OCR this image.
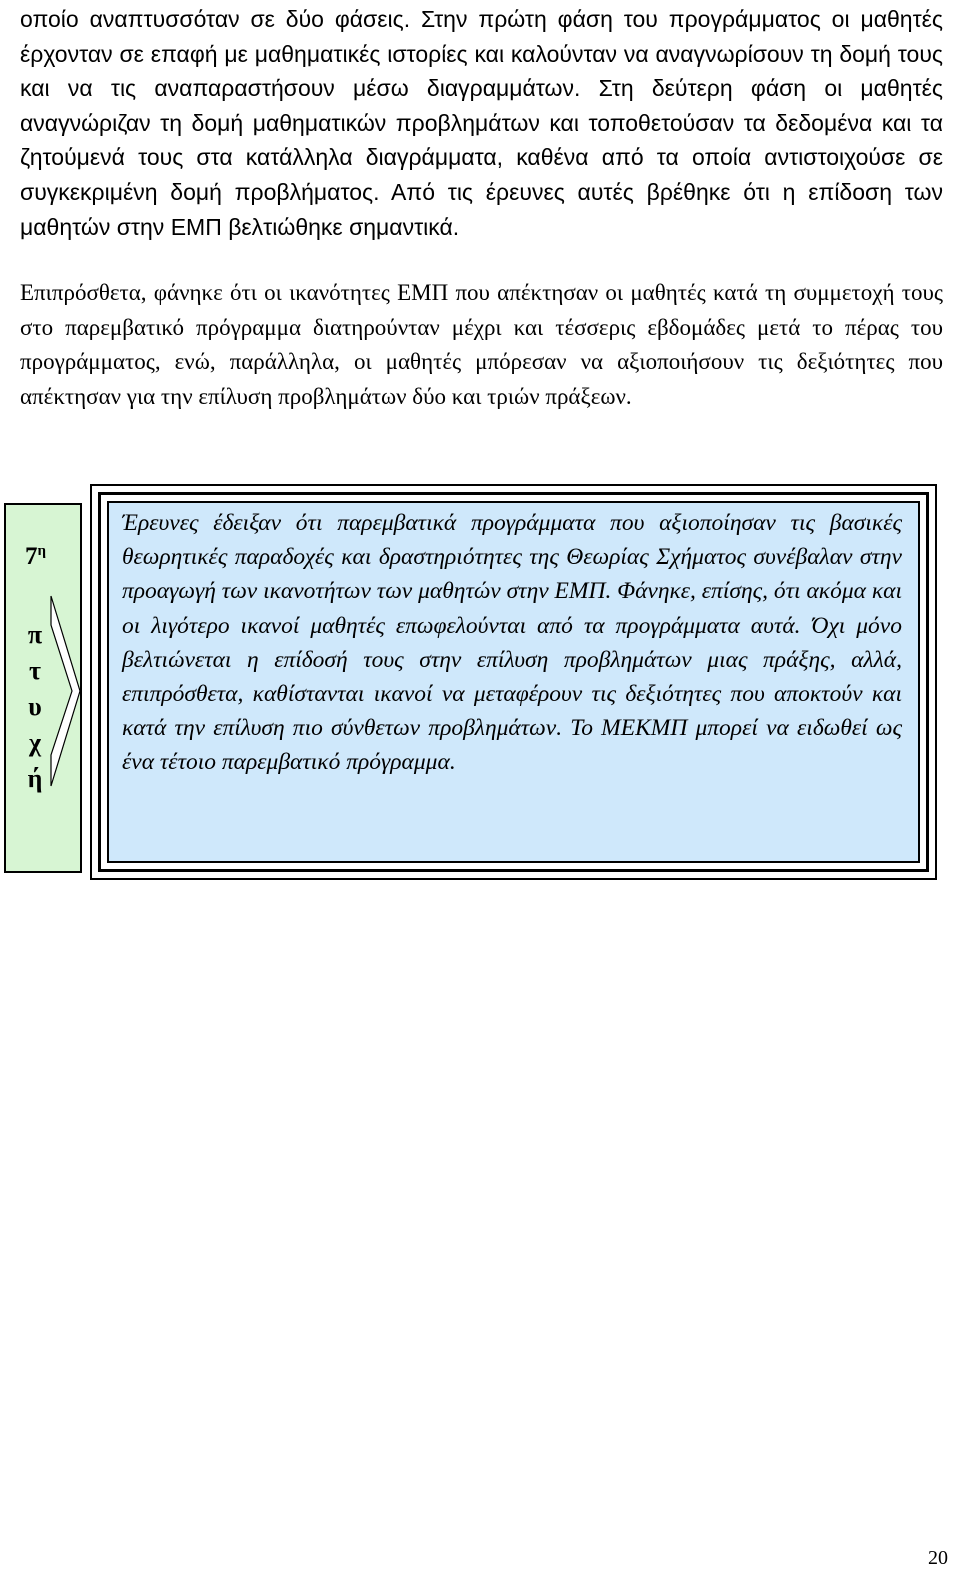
οποίο αναπτυσσόταν σε δύο φάσεις. Στην πρώτη φάση του προγράμματος οι μαθητές έρχονταν σε επαφή με μαθηματικές ιστορίες και καλούνταν να αναγνωρίσουν τη δομή τους και να τις αναπαραστήσουν μέσω διαγραμμάτων. Στη δεύτερη φάση οι μαθητές αναγνώριζαν τη δομή μαθηματικών προβλημάτων και τοποθετούσαν τα δεδομένα και τα ζητούμενά τους στα κατάλληλα διαγράμματα, καθένα από τα οποία αντιστοιχούσε σε συγκεκριμένη δομή προβλήματος. Από τις έρευνες αυτές βρέθηκε ότι η επίδοση των μαθητών στην ΕΜΠ βελτιώθηκε σημαντικά.

Επιπρόσθετα, φάνηκε ότι οι ικανότητες ΕΜΠ που απέκτησαν οι μαθητές κατά τη συμμετοχή τους στο παρεμβατικό πρόγραμμα διατηρούνταν μέχρι και τέσσερις εβδομάδες μετά το πέρας του προγράμματος, ενώ, παράλληλα, οι μαθητές μπόρεσαν να αξιοποιήσουν τις δεξιότητες που απέκτησαν για την επίλυση προβλημάτων δύο και τριών πράξεων.

$7^\eta$
π
τ
υ
χ
ή

Έρευνες έδειξαν ότι παρεμβατικά προγράμματα που αξιοποίησαν τις βασικές θεωρητικές παραδοχές και δραστηριότητες της Θεωρίας Σχήματος συνέβαλαν στην προαγωγή των ικανοτήτων των μαθητών στην ΕΜΠ. Φάνηκε, επίσης, ότι ακόμα και οι λιγότερο ικανοί μαθητές επωφελούνται από τα προγράμματα αυτά. Όχι μόνο βελτιώνεται η επίδοσή τους στην επίλυση προβλημάτων μιας πράξης, αλλά, επιπρόσθετα, καθίστανται ικανοί να μεταφέρουν τις δεξιότητες που αποκτούν και κατά την επίλυση πιο σύνθετων προβλημάτων. Το ΜΕΚΜΠ μπορεί να ειδωθεί ως ένα τέτοιο παρεμβατικό πρόγραμμα.

20
